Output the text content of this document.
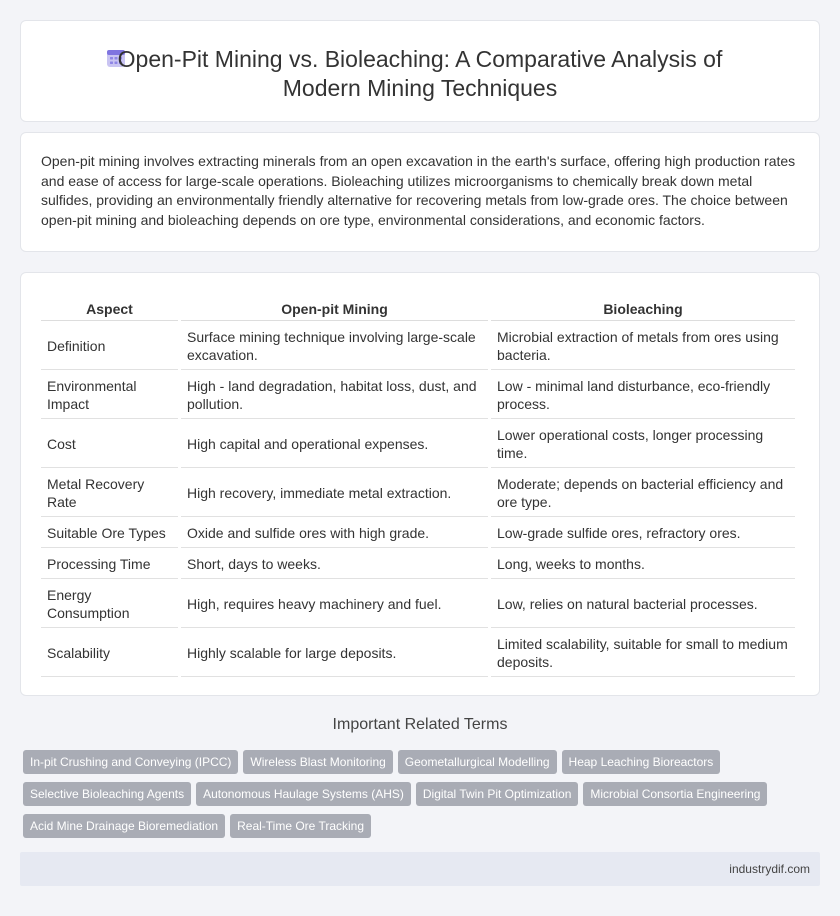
Open-Pit Mining vs. Bioleaching: A Comparative Analysis of
Modern Mining Techniques

Open-pit mining involves extracting minerals from an open excavation in the earth's surface, offering high production rates and ease of access for large-scale operations. Bioleaching utilizes microorganisms to chemically break down metal sulfides, providing an environmentally friendly alternative for recovering metals from low-grade ores. The choice between open-pit mining and bioleaching depends on ore type, environmental considerations, and economic factors.

Aspect	Open-pit Mining	Bioleaching
Definition	Surface mining technique involving large-scale excavation.	Microbial extraction of metals from ores using bacteria.
Environmental Impact	High - land degradation, habitat loss, dust, and pollution.	Low - minimal land disturbance, eco-friendly process.
Cost	High capital and operational expenses.	Lower operational costs, longer processing time.
Metal Recovery Rate	High recovery, immediate metal extraction.	Moderate; depends on bacterial efficiency and ore type.
Suitable Ore Types	Oxide and sulfide ores with high grade.	Low-grade sulfide ores, refractory ores.
Processing Time	Short, days to weeks.	Long, weeks to months.
Energy Consumption	High, requires heavy machinery and fuel.	Low, relies on natural bacterial processes.
Scalability	Highly scalable for large deposits.	Limited scalability, suitable for small to medium deposits.
Important Related Terms
In-pit Crushing and Conveying (IPCC) Wireless Blast Monitoring Geometallurgical Modelling Heap Leaching Bioreactors
Selective Bioleaching Agents Autonomous Haulage Systems (AHS) Digital Twin Pit Optimization Microbial Consortia Engineering
Acid Mine Drainage Bioremediation Real-Time Ore Tracking
industrydif.com
